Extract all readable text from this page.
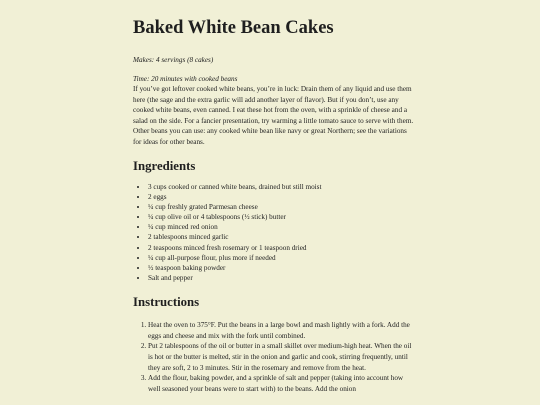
Baked White Bean Cakes

Makes: 4 servings (8 cakes)

Time: 20 minutes with cooked beans

If you’ve got leftover cooked white beans, you’re in luck: Drain them of any liquid and use them here (the sage and the extra garlic will add another layer of flavor). But if you don’t, use any cooked white beans, even canned. I eat these hot from the oven, with a sprinkle of cheese and a salad on the side. For a fancier presentation, try warming a little tomato sauce to serve with them.

Other beans you can use: any cooked white bean like navy or great Northern; see the variations for ideas for other beans.

Ingredients
• 3 cups cooked or canned white beans, drained but still moist
• 2 eggs
• ¼ cup freshly grated Parmesan cheese
• ¼ cup olive oil or 4 tablespoons (½ stick) butter
• ¼ cup minced red onion
• 2 tablespoons minced garlic
• 2 teaspoons minced fresh rosemary or 1 teaspoon dried
• ¼ cup all-purpose flour, plus more if needed
• ½ teaspoon baking powder
• Salt and pepper
Instructions
1. Heat the oven to 375°F. Put the beans in a large bowl and mash lightly with a fork. Add the eggs and cheese and mix with the fork until combined.
2. Put 2 tablespoons of the oil or butter in a small skillet over medium-high heat. When the oil is hot or the butter is melted, stir in the onion and garlic and cook, stirring frequently, until they are soft, 2 to 3 minutes. Stir in the rosemary and remove from the heat.
3. Add the flour, baking powder, and a sprinkle of salt and pepper (taking into account how well seasoned your beans were to start with) to the beans. Add the onion
